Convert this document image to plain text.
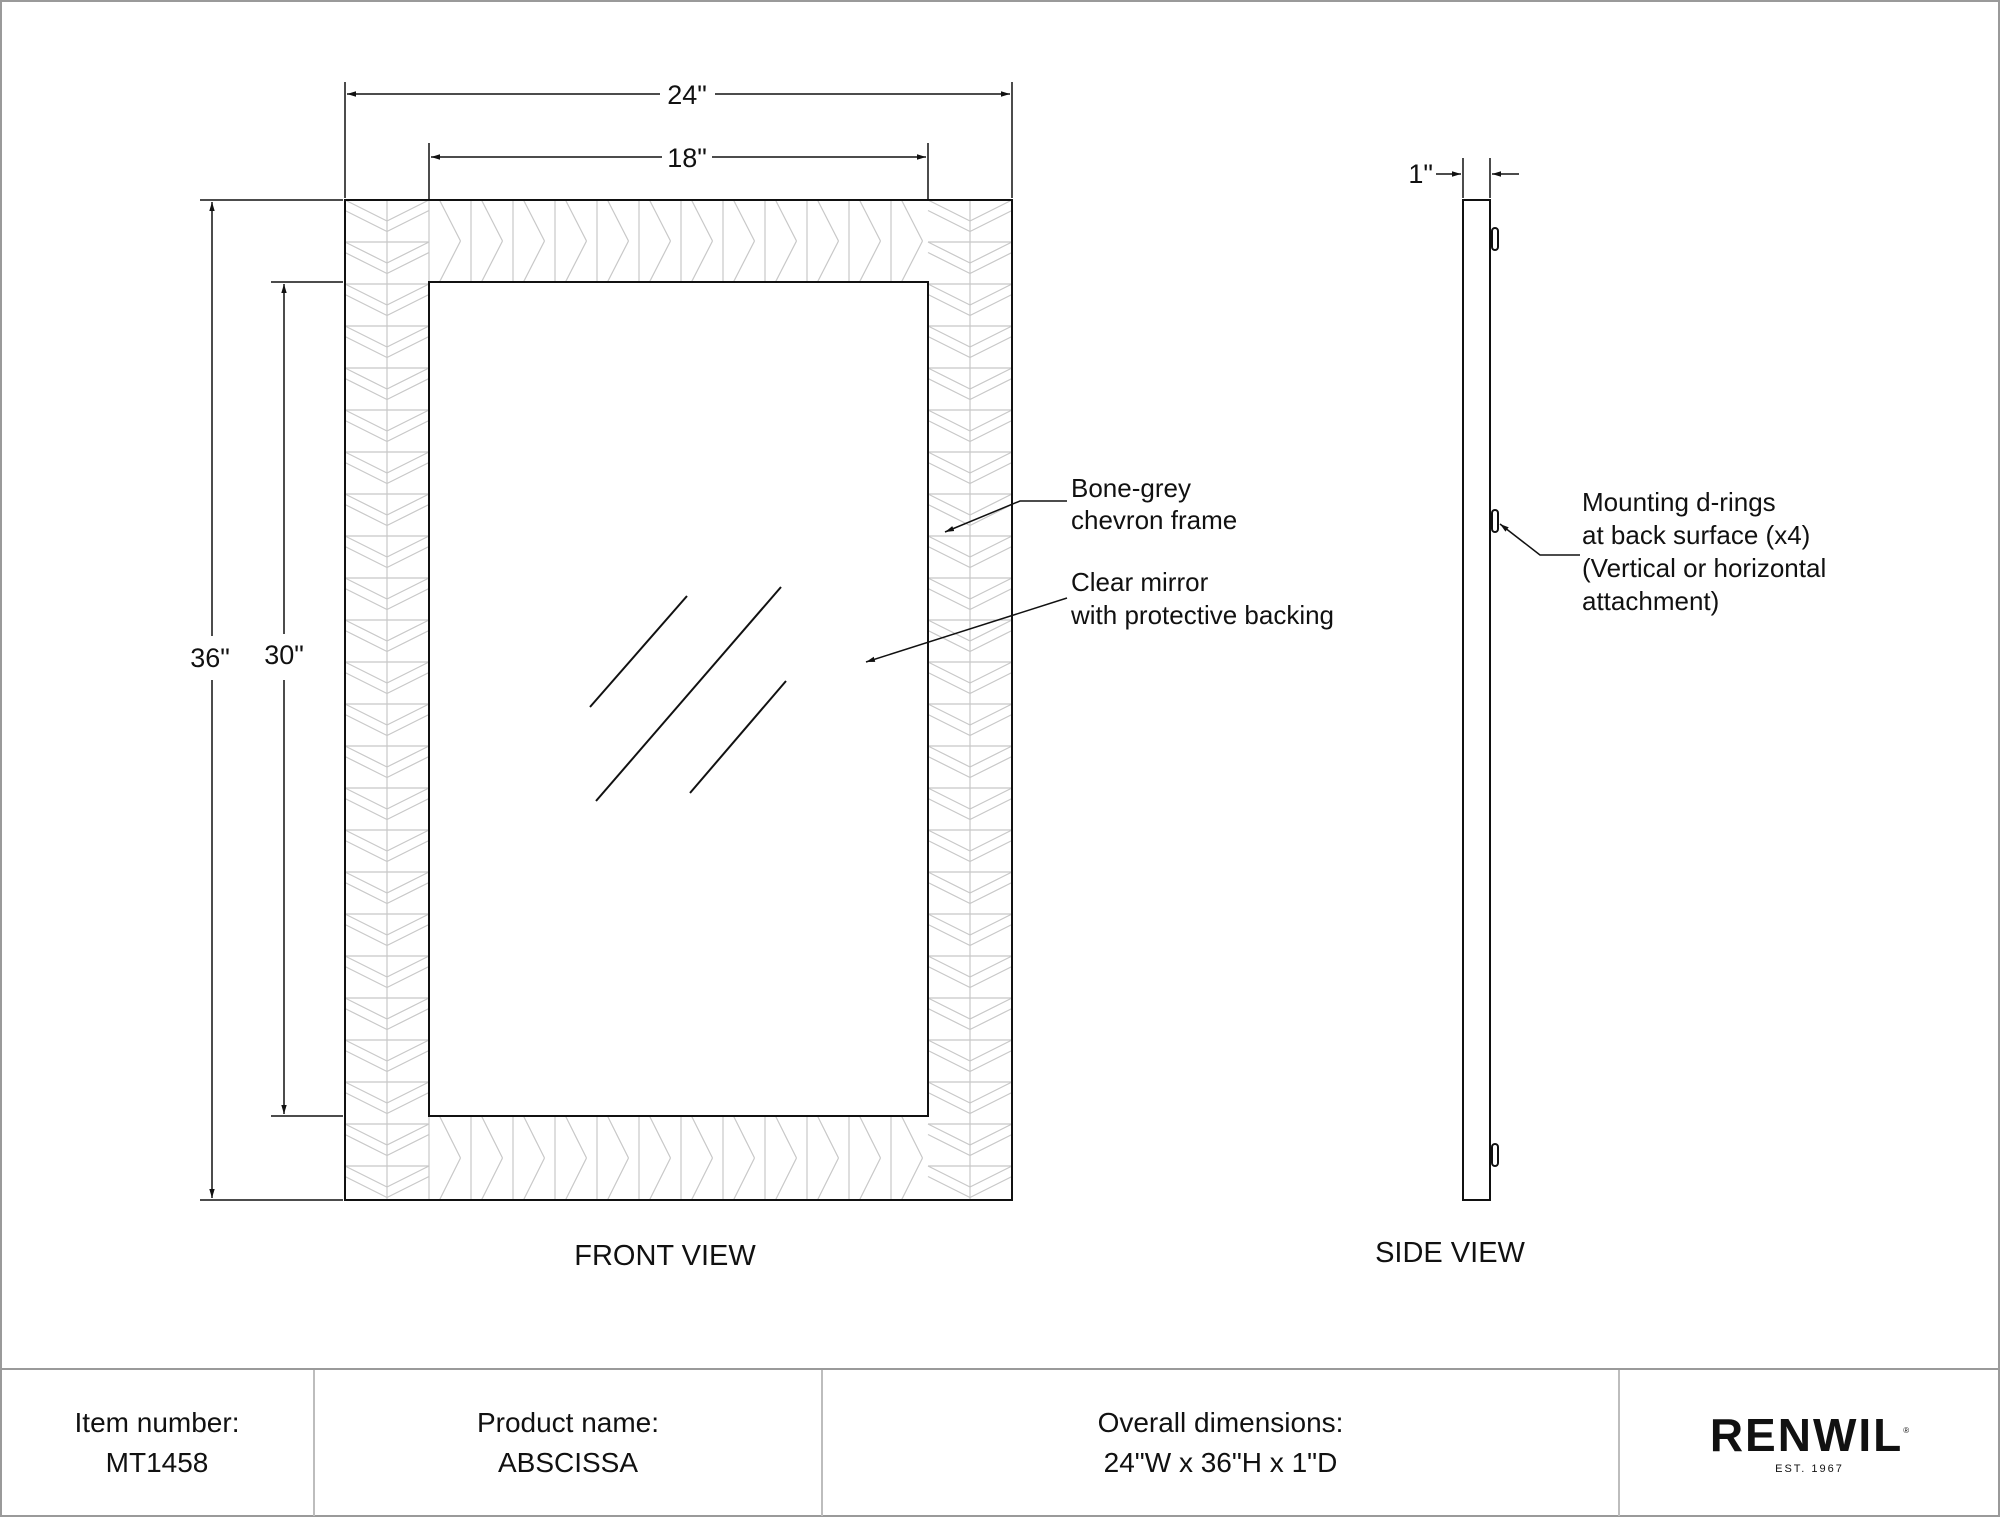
24"
18"
36" 30"
Bone-grey
chevron frame
Clear mirror
with protective backing
FRONT VIEW
1"
Mounting d-rings
at back surface (x4)
(Vertical or horizontal
attachment)
SIDE VIEW
Item number:
MT1458
Product name:
ABSCISSA
Overall dimensions:
24"W x 36"H x 1"D
RENWIL®
EST. 1967
